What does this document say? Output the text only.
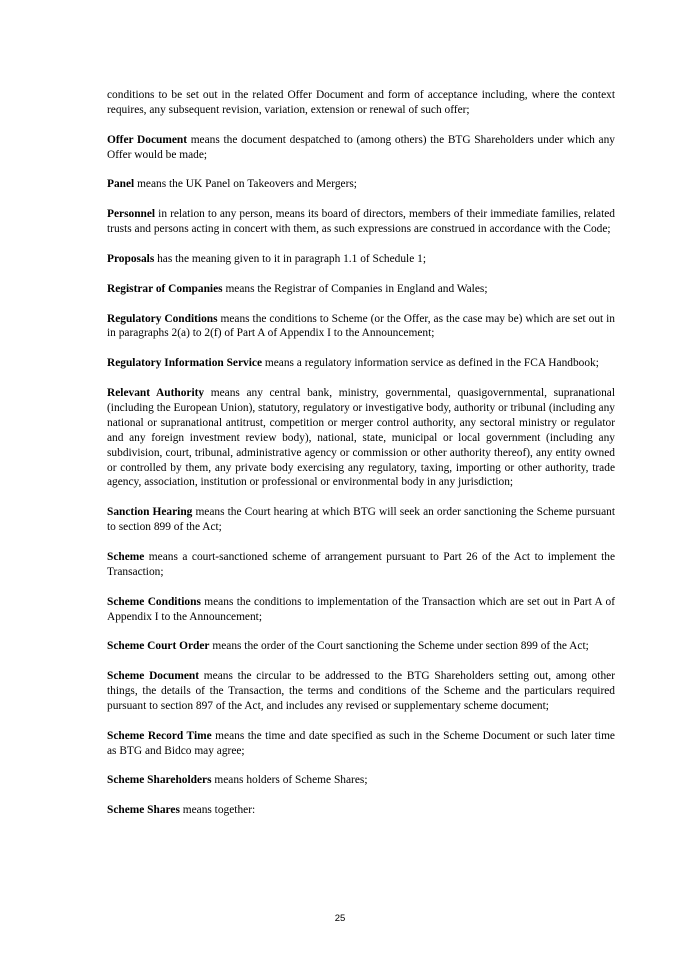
conditions to be set out in the related Offer Document and form of acceptance including, where the context requires, any subsequent revision, variation, extension or renewal of such offer;

Offer Document means the document despatched to (among others) the BTG Shareholders under which any Offer would be made;

Panel means the UK Panel on Takeovers and Mergers;

Personnel in relation to any person, means its board of directors, members of their immediate families, related trusts and persons acting in concert with them, as such expressions are construed in accordance with the Code;

Proposals has the meaning given to it in paragraph 1.1 of Schedule 1;

Registrar of Companies means the Registrar of Companies in England and Wales;

Regulatory Conditions means the conditions to Scheme (or the Offer, as the case may be) which are set out in in paragraphs 2(a) to 2(f) of Part A of Appendix I to the Announcement;

Regulatory Information Service means a regulatory information service as defined in the FCA Handbook;

Relevant Authority means any central bank, ministry, governmental, quasigovernmental, supranational (including the European Union), statutory, regulatory or investigative body, authority or tribunal (including any national or supranational antitrust, competition or merger control authority, any sectoral ministry or regulator and any foreign investment review body), national, state, municipal or local government (including any subdivision, court, tribunal, administrative agency or commission or other authority thereof), any entity owned or controlled by them, any private body exercising any regulatory, taxing, importing or other authority, trade agency, association, institution or professional or environmental body in any jurisdiction;

Sanction Hearing means the Court hearing at which BTG will seek an order sanctioning the Scheme pursuant to section 899 of the Act;

Scheme means a court-sanctioned scheme of arrangement pursuant to Part 26 of the Act to implement the Transaction;

Scheme Conditions means the conditions to implementation of the Transaction which are set out in Part A of Appendix I to the Announcement;

Scheme Court Order means the order of the Court sanctioning the Scheme under section 899 of the Act;

Scheme Document means the circular to be addressed to the BTG Shareholders setting out, among other things, the details of the Transaction, the terms and conditions of the Scheme and the particulars required pursuant to section 897 of the Act, and includes any revised or supplementary scheme document;

Scheme Record Time means the time and date specified as such in the Scheme Document or such later time as BTG and Bidco may agree;

Scheme Shareholders means holders of Scheme Shares;

Scheme Shares means together:

25
